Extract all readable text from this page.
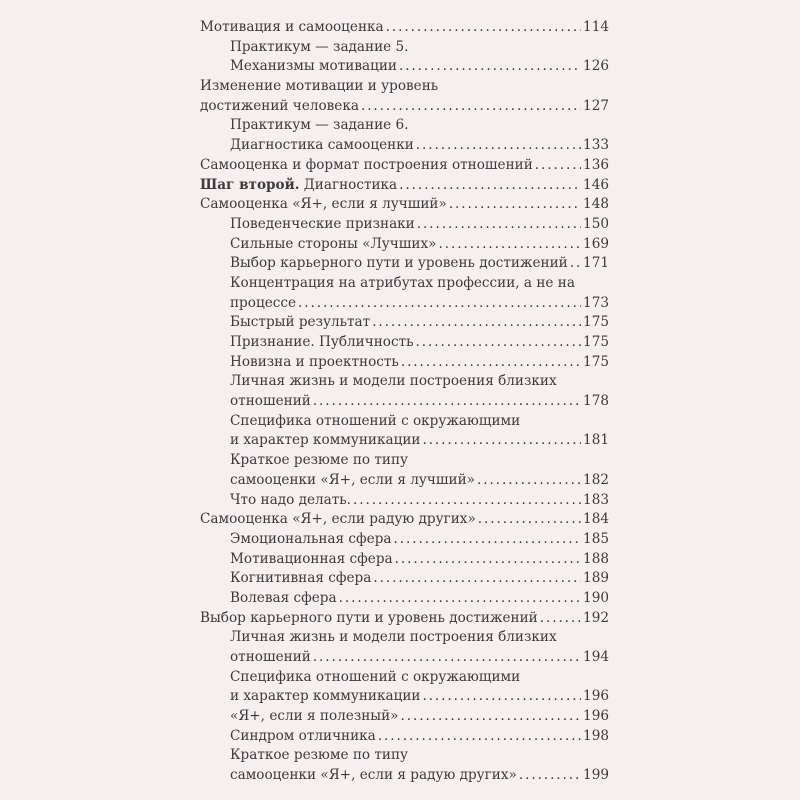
Мотивация и самооценка . . .	114
Практикум — задание 5.
Механизмы мотивации . . .	126
Изменение мотивации и уровень
достижений человека . . .	127
Практикум — задание 6.
Диагностика самооценки . . .	133
Самооценка и формат построения отношений . . .	136
Шаг второй. Диагностика . . .	146
Самооценка «Я+, если я лучший» . . .	148
Поведенческие признаки . . .	150
Сильные стороны «Лучших» . . .	169
Выбор карьерного пути и уровень достижений . . . 171
Концентрация на атрибутах профессии, а не на
процессе . . .	173
Быстрый результат . . .	175
Признание. Публичность . . .	175
Новизна и проектность . . .	175
Личная жизнь и модели построения близких
отношений . . .	178
Специфика отношений с окружающими
и характер коммуникации . . .	181
Краткое резюме по типу
самооценки «Я+, если я лучший» . . .	182
Что надо делать. . . .	183
Самооценка «Я+, если радую других» . . .	184
Эмоциональная сфера . . .	185
Мотивационная сфера . . .	188
Когнитивная сфера . . .	189
Волевая сфера . . .	190
Выбор карьерного пути и уровень достижений . . .	192
Личная жизнь и модели построения близких
отношений . . .	194
Специфика отношений с окружающими
и характер коммуникации . . .	196
«Я+, если я полезный» . . .	196
Синдром отличника . . .	198
Краткое резюме по типу
самооценки «Я+, если я радую других» . . .	199
